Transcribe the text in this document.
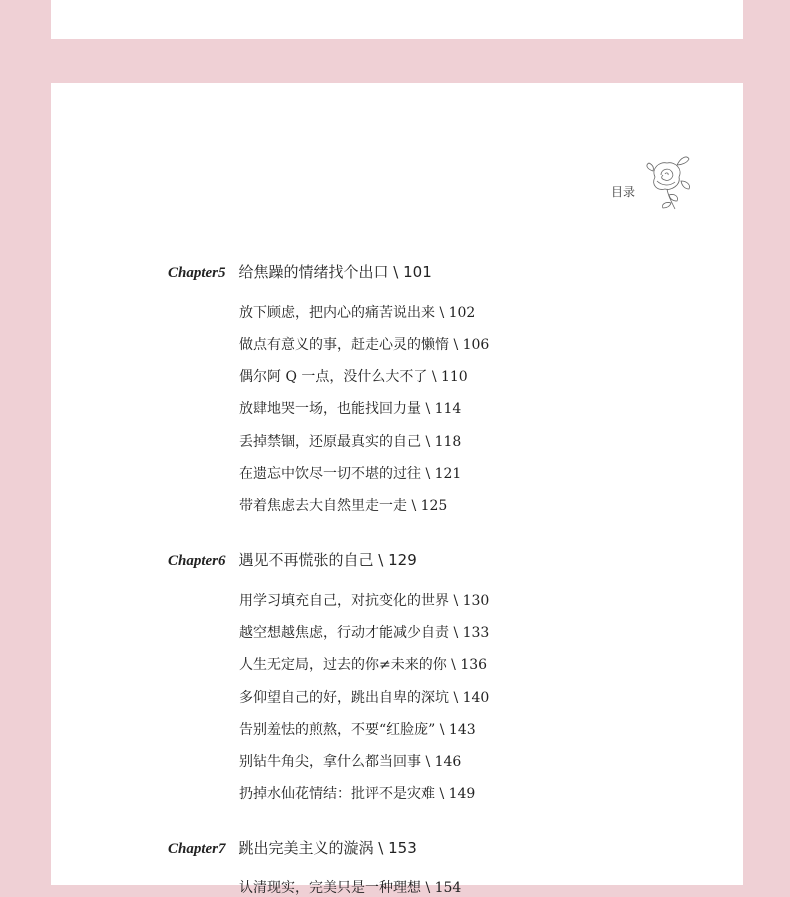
目录
Chapter5 给焦躁的情绪找个出口 \ 101
放下顾虑，把内心的痛苦说出来 \ 102
做点有意义的事，赶走心灵的懒惰 \ 106
偶尔阿 Q 一点，没什么大不了 \ 110
放肆地哭一场，也能找回力量 \ 114
丢掉禁锢，还原最真实的自己 \ 118
在遗忘中饮尽一切不堪的过往 \ 121
带着焦虑去大自然里走一走 \ 125
Chapter6 遇见不再慌张的自己 \ 129
用学习填充自己，对抗变化的世界 \ 130
越空想越焦虑，行动才能减少自责 \ 133
人生无定局，过去的你≠未来的你 \ 136
多仰望自己的好，跳出自卑的深坑 \ 140
告别羞怯的煎熬，不要“红脸庞” \ 143
别钻牛角尖，拿什么都当回事 \ 146
扔掉水仙花情结：批评不是灾难 \ 149
Chapter7 跳出完美主义的漩涡 \ 153
认清现实，完美只是一种理想 \ 154
